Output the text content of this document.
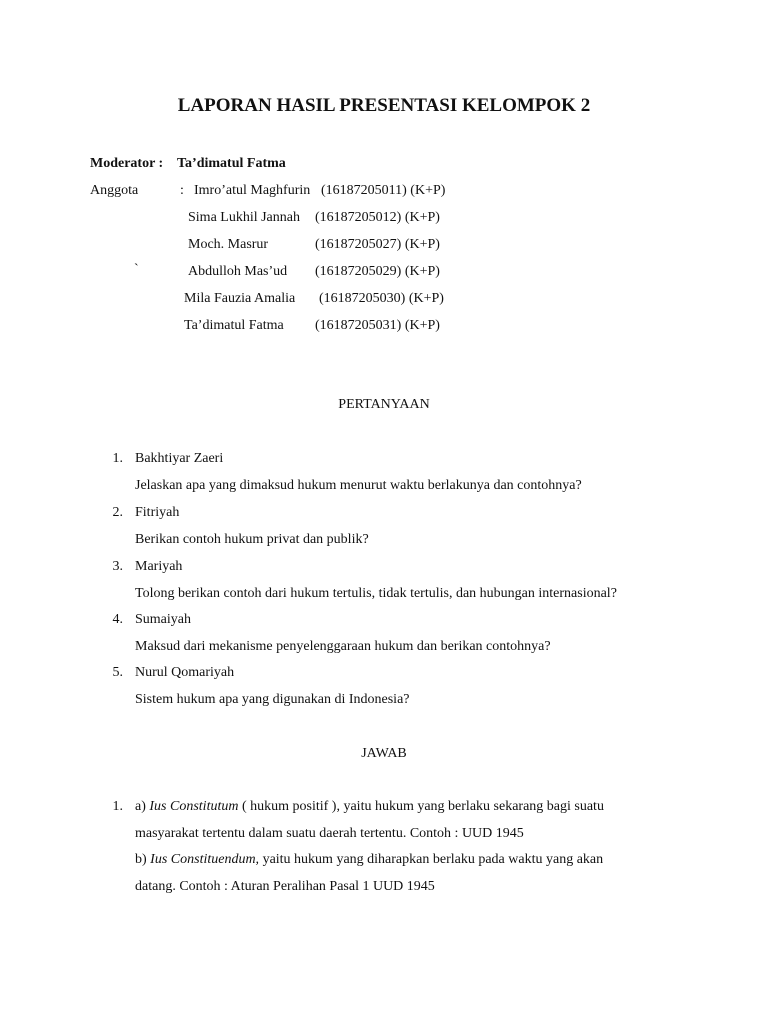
LAPORAN HASIL PRESENTASI KELOMPOK 2
Moderator : Ta’dimatul Fatma
Anggota	: Imro’atul Maghfurin (16187205011) (K+P)
Sima Lukhil Jannah (16187205012) (K+P)
Moch. Masrur	(16187205027) (K+P)
`	Abdulloh Mas’ud (16187205029) (K+P)
Mila Fauzia Amalia (16187205030) (K+P)
Ta’dimatul Fatma (16187205031) (K+P)
PERTANYAAN
1. Bakhtiyar Zaeri
Jelaskan apa yang dimaksud hukum menurut waktu berlakunya dan contohnya?
2. Fitriyah
Berikan contoh hukum privat dan publik?
3. Mariyah
Tolong berikan contoh dari hukum tertulis, tidak tertulis, dan hubungan internasional?
4. Sumaiyah
Maksud dari mekanisme penyelenggaraan hukum dan berikan contohnya?
5. Nurul Qomariyah
Sistem hukum apa yang digunakan di Indonesia?
JAWAB
1. a) Ius Constitutum ( hukum positif ), yaitu hukum yang berlaku sekarang bagi suatu
masyarakat tertentu dalam suatu daerah tertentu. Contoh : UUD 1945
b) Ius Constituendum, yaitu hukum yang diharapkan berlaku pada waktu yang akan
datang. Contoh : Aturan Peralihan Pasal 1 UUD 1945
